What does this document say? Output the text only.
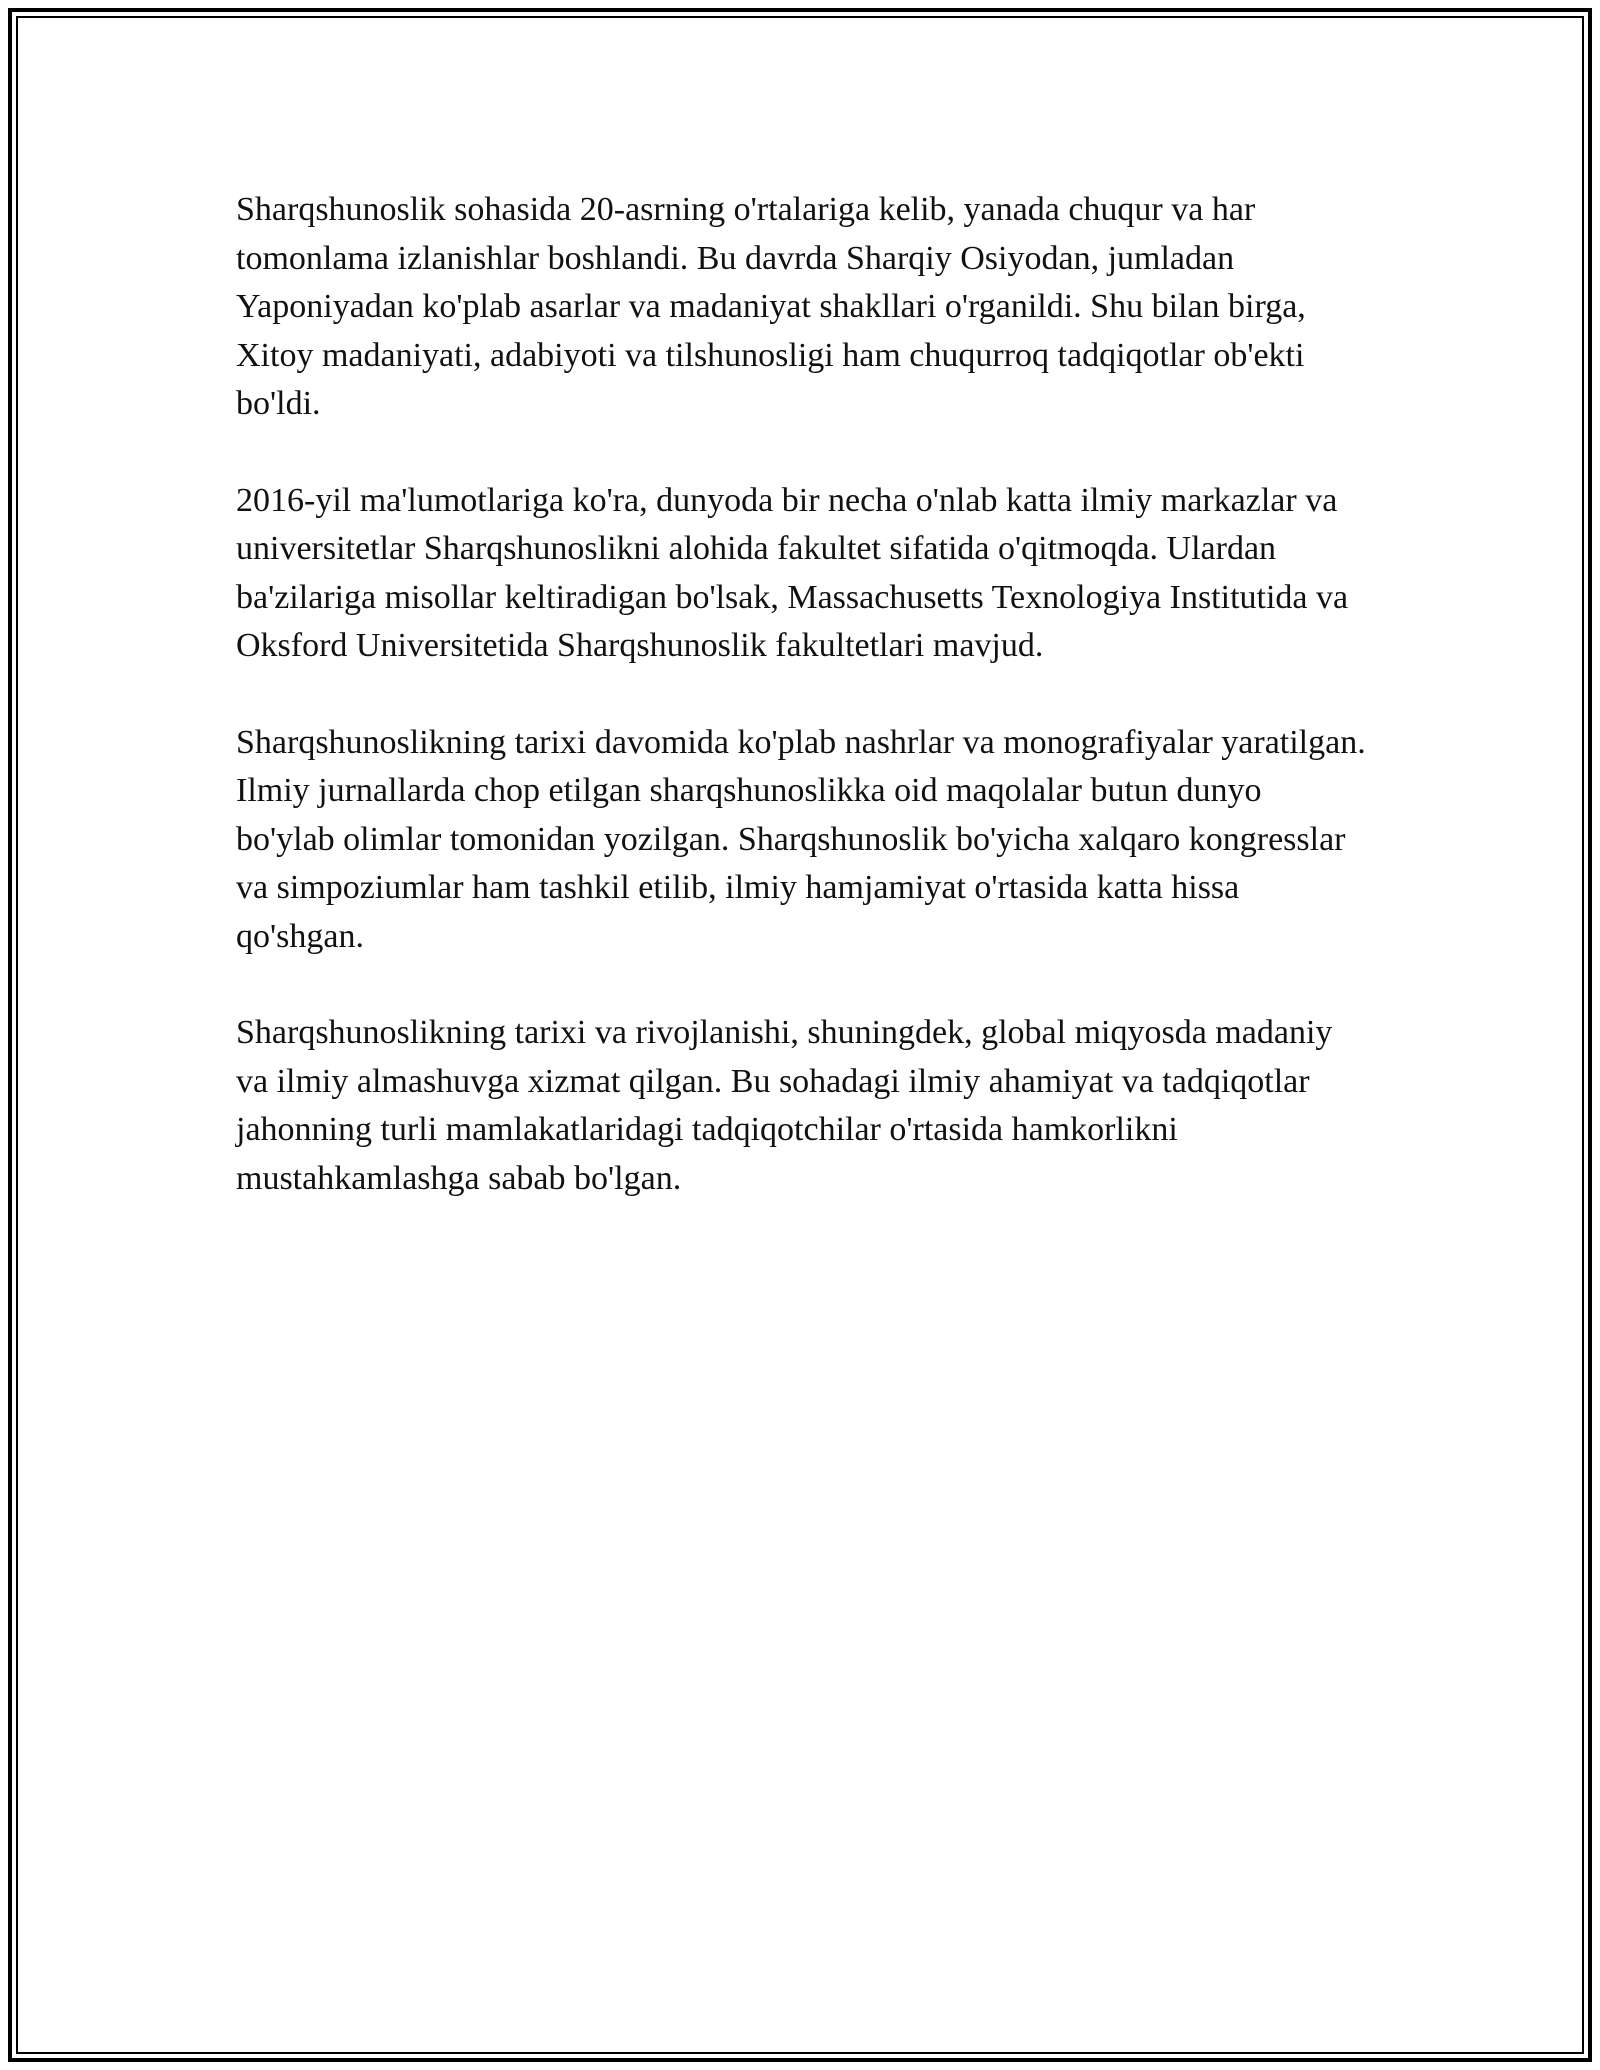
Sharqshunoslik sohasida 20-asrning o'rtalariga kelib, yanada chuqur va har tomonlama izlanishlar boshlandi. Bu davrda Sharqiy Osiyodan, jumladan Yaponiyadan ko'plab asarlar va madaniyat shakllari o'rganildi. Shu bilan birga, Xitoy madaniyati, adabiyoti va tilshunosligi ham chuqurroq tadqiqotlar ob'ekti bo'ldi.

2016-yil ma'lumotlariga ko'ra, dunyoda bir necha o'nlab katta ilmiy markazlar va universitetlar Sharqshunoslikni alohida fakultet sifatida o'qitmoqda. Ulardan ba'zilariga misollar keltiradigan bo'lsak, Massachusetts Texnologiya Institutida va Oksford Universitetida Sharqshunoslik fakultetlari mavjud.

Sharqshunoslikning tarixi davomida ko'plab nashrlar va monografiyalar yaratilgan. Ilmiy jurnallarda chop etilgan sharqshunoslikka oid maqolalar butun dunyo bo'ylab olimlar tomonidan yozilgan. Sharqshunoslik bo'yicha xalqaro kongresslar va simpoziumlar ham tashkil etilib, ilmiy hamjamiyat o'rtasida katta hissa qo'shgan.

Sharqshunoslikning tarixi va rivojlanishi, shuningdek, global miqyosda madaniy va ilmiy almashuvga xizmat qilgan. Bu sohadagi ilmiy ahamiyat va tadqiqotlar jahonning turli mamlakatlaridagi tadqiqotchilar o'rtasida hamkorlikni mustahkamlashga sabab bo'lgan.
